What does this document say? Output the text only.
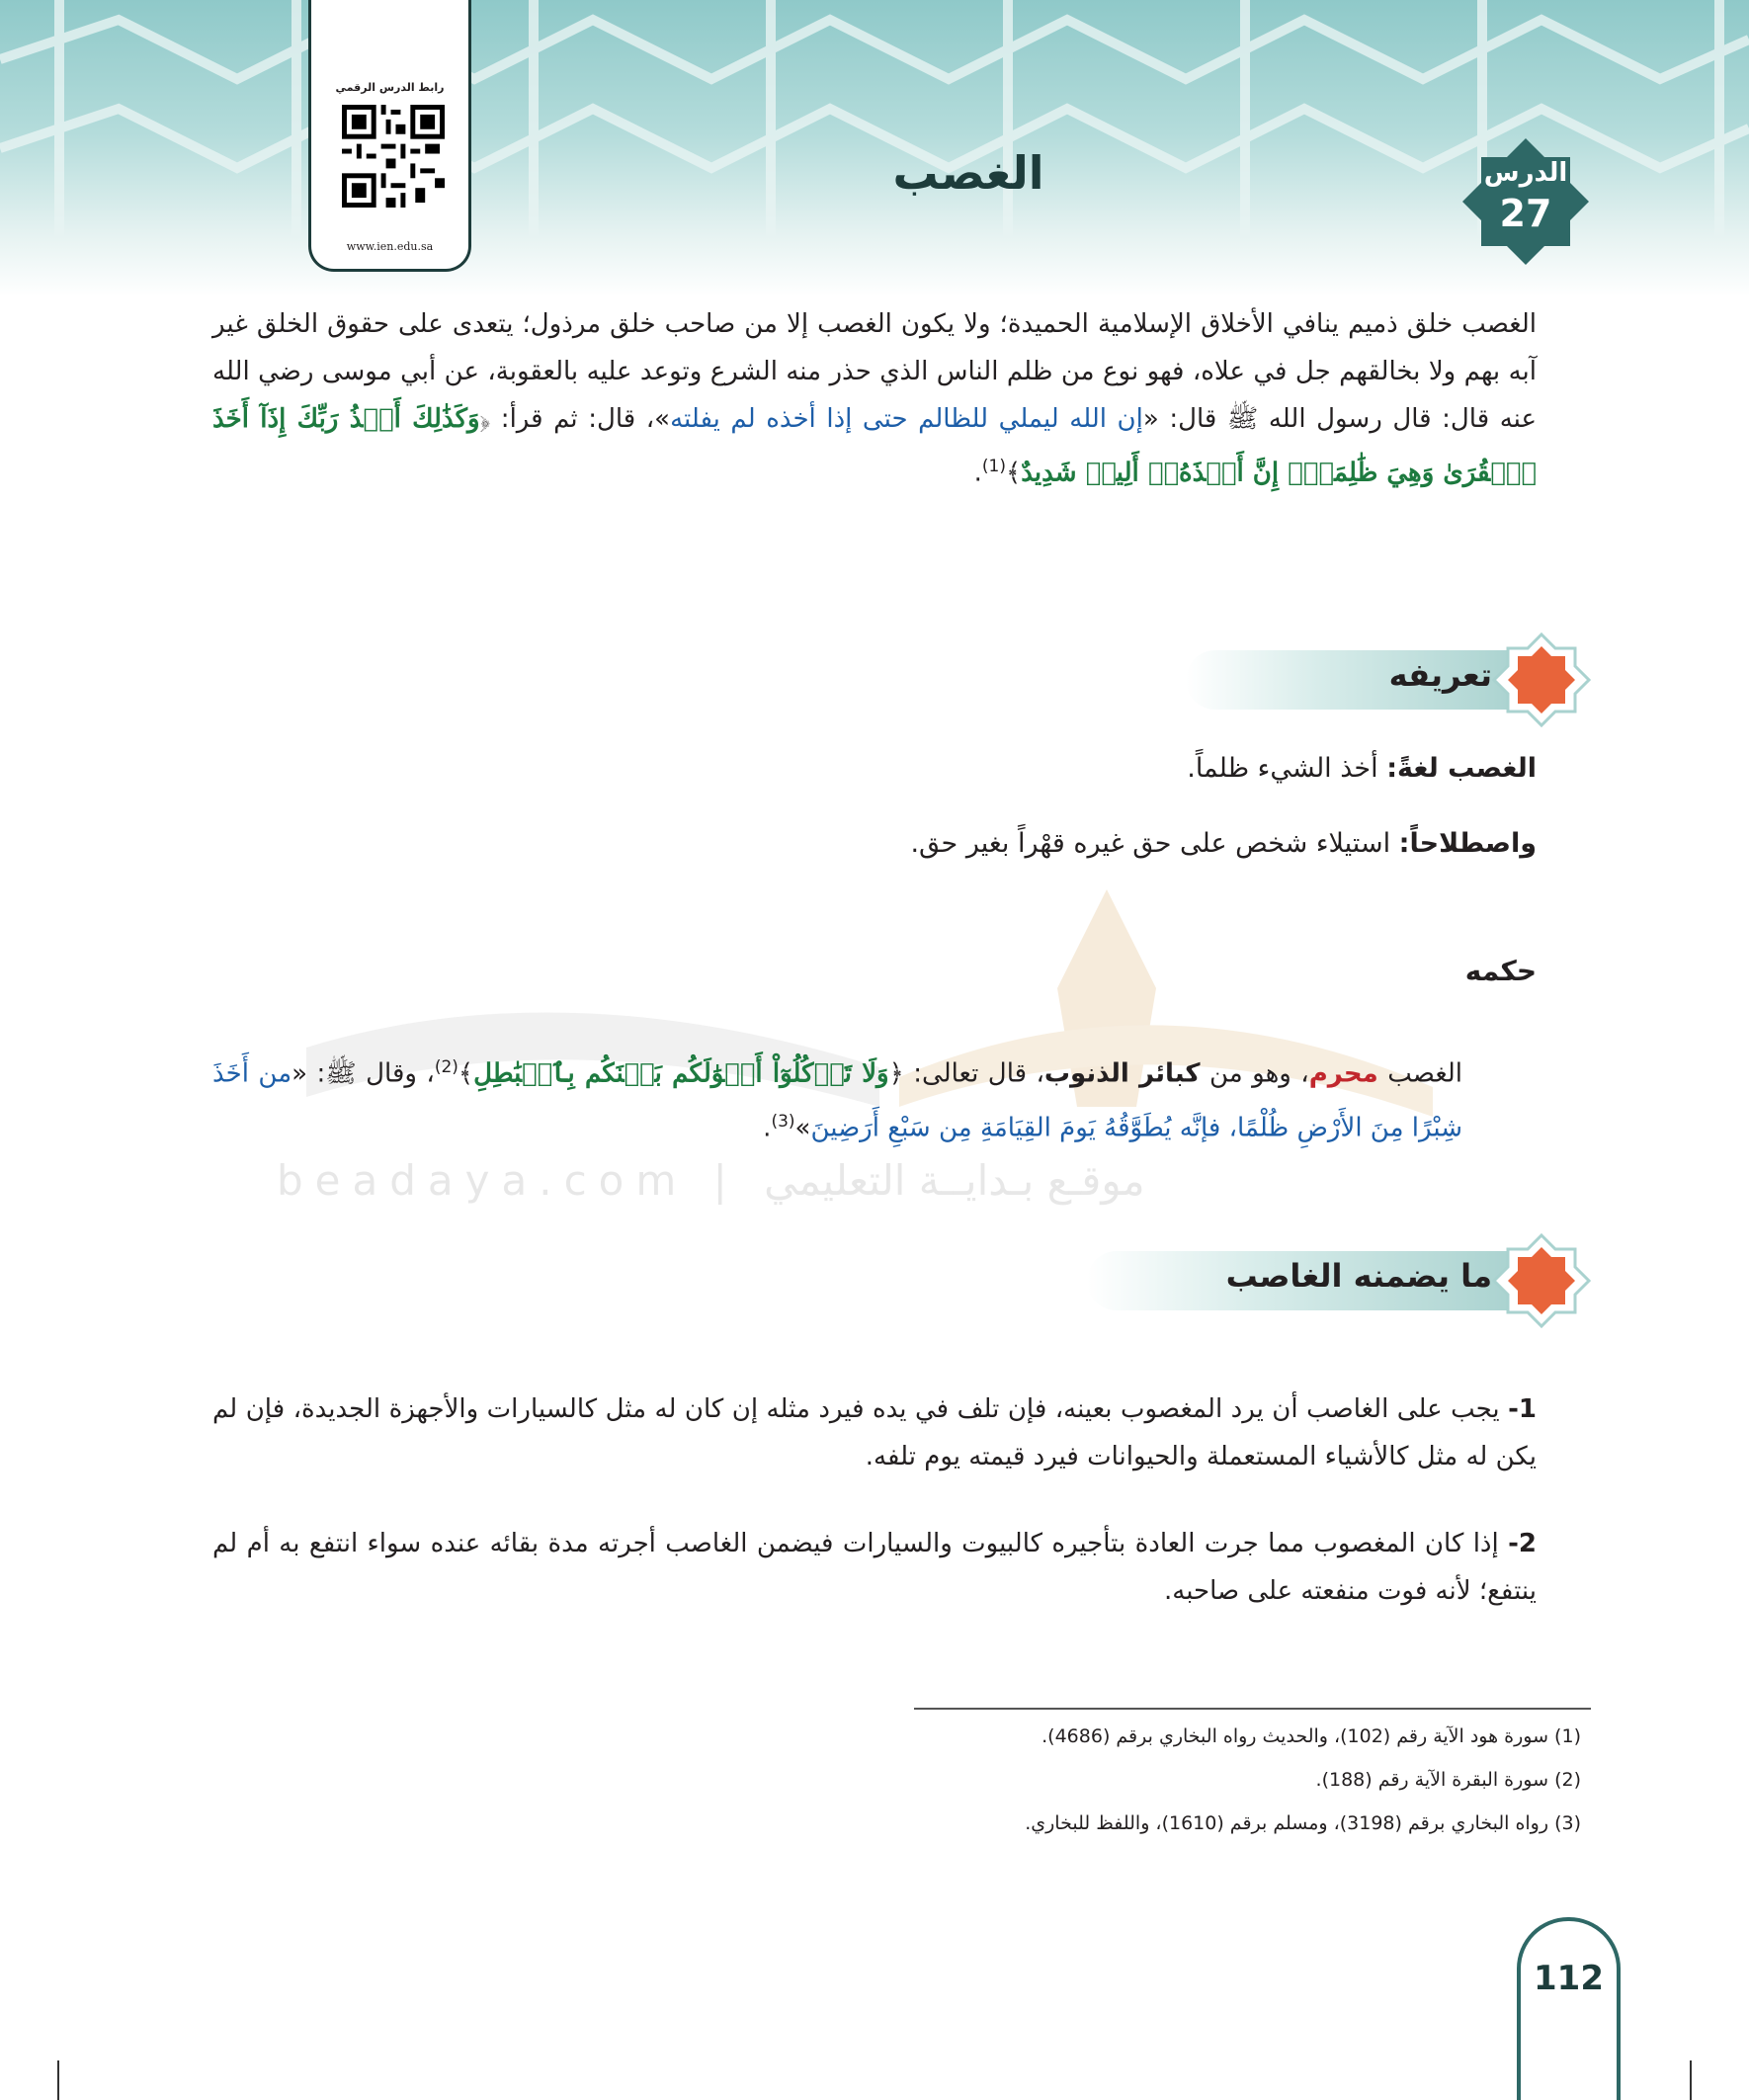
رابط الدرس الرقمي
www.ien.edu.sa
الدرس
27
الغصب
beadaya.com | موقـع بـدايــة التعليمي
الغصب خلق ذميم ينافي الأخلاق الإسلامية الحميدة؛ ولا يكون الغصب إلا من صاحب خلق مرذول؛ يتعدى على حقوق الخلق غير آبه بهم ولا بخالقهم جل في علاه، فهو نوع من ظلم الناس الذي حذر منه الشرع وتوعد عليه بالعقوبة، عن أبي موسى رضي الله عنه قال: قال رسول الله ﷺ قال: «إن الله ليملي للظالم حتى إذا أخذه لم يفلته»، قال: ثم قرأ: ﴿وَكَذَٰلِكَ أَخۡذُ رَبِّكَ إِذَآ أَخَذَ ٱلۡقُرَىٰ وَهِيَ ظَٰلِمَةٌۚ إِنَّ أَخۡذَهُۥٓ أَلِيمٞ شَدِيدٌ﴾$^{(1)}$.
تعريفه
الغصب لغةً: أخذ الشيء ظلماً.
واصطلاحاً: استيلاء شخص على حق غيره قهْراً بغير حق.
حكمه
الغصب محرم، وهو من كبائر الذنوب، قال تعالى: ﴿وَلَا تَأۡكُلُوٓاْ أَمۡوَٰلَكُم بَيۡنَكُم بِٱلۡبَٰطِلِ﴾$^{(2)}$، وقال ﷺ: «من أَخَذَ شِبْرًا مِنَ الأَرْضِ ظُلْمًا، فإنَّه يُطَوَّقُهُ يَومَ القِيَامَةِ مِن سَبْعِ أَرَضِينَ»$^{(3)}$.
ما يضمنه الغاصب
1- يجب على الغاصب أن يرد المغصوب بعينه، فإن تلف في يده فيرد مثله إن كان له مثل كالسيارات والأجهزة الجديدة، فإن لم يكن له مثل كالأشياء المستعملة والحيوانات فيرد قيمته يوم تلفه.
2- إذا كان المغصوب مما جرت العادة بتأجيره كالبيوت والسيارات فيضمن الغاصب أجرته مدة بقائه عنده سواء انتفع به أم لم ينتفع؛ لأنه فوت منفعته على صاحبه.
(1) سورة هود الآية رقم (102)، والحديث رواه البخاري برقم (4686).
(2) سورة البقرة الآية رقم (188).
(3) رواه البخاري برقم (3198)، ومسلم برقم (1610)، واللفظ للبخاري.
112
